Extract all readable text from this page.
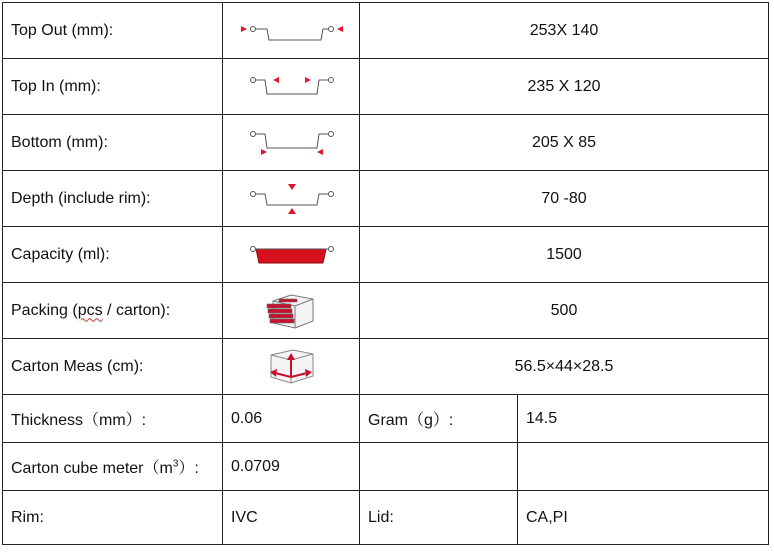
Top Out (mm):		253X 140	
Top In (mm):		235 X 120	
Bottom (mm):		205 X 85	
Depth (include rim):		70 -80	
Capacity (ml):		1500	
Packing (pcs / carton):		500	
Carton Meas (cm):		56.5×44×28.5	
Thickness（mm）:	0.06	Gram（g）:	14.5
Carton cube $meter(m^3)$:	0.0709		
Rim:	IVC	Lid:	CA,PI
